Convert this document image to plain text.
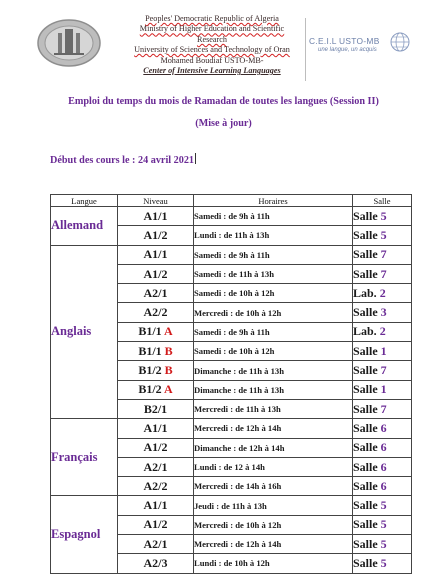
Peoples' Democratic Republic of Algeria
Ministry of Higher Education and Scientific
Research
University of Sciences and Technology of Oran
Mohamed Boudiaf USTO-MB-
Center of Intensive Learning Languages
C.E.I.L USTO-MB
une langue, un acquis
Emploi du temps du mois de Ramadan de toutes les langues (Session II)
(Mise à jour)
Début des cours le : 24 avril 2021
Langue	Niveau	Horaires	Salle
Allemand	A1/1	Samedi : de 9h à 11h	Salle 5
	A1/2	Lundi : de 11h à 13h	Salle 5
Anglais	A1/1	Samedi : de 9h à 11h	Salle 7
	A1/2	Samedi : de 11h à 13h	Salle 7
	A2/1	Samedi : de 10h à 12h	Lab. 2
	A2/2	Mercredi : de 10h à 12h	Salle 3
	B1/1 A	Samedi : de 9h à 11h	Lab. 2
	B1/1 B	Samedi : de 10h à 12h	Salle 1
	B1/2 B	Dimanche : de 11h à 13h	Salle 7
	B1/2 A	Dimanche : de 11h à 13h	Salle 1
	B2/1	Mercredi : de 11h à 13h	Salle 7
Français	A1/1	Mercredi : de 12h à 14h	Salle 6
	A1/2	Dimanche : de 12h à 14h	Salle 6
	A2/1	Lundi : de 12 à 14h	Salle 6
	A2/2	Mercredi : de 14h à 16h	Salle 6
Espagnol	A1/1	Jeudi : de 11h à 13h	Salle 5
	A1/2	Mercredi : de 10h à 12h	Salle 5
	A2/1	Mercredi : de 12h à 14h	Salle 5
	A2/3	Lundi : de 10h à 12h	Salle 5
